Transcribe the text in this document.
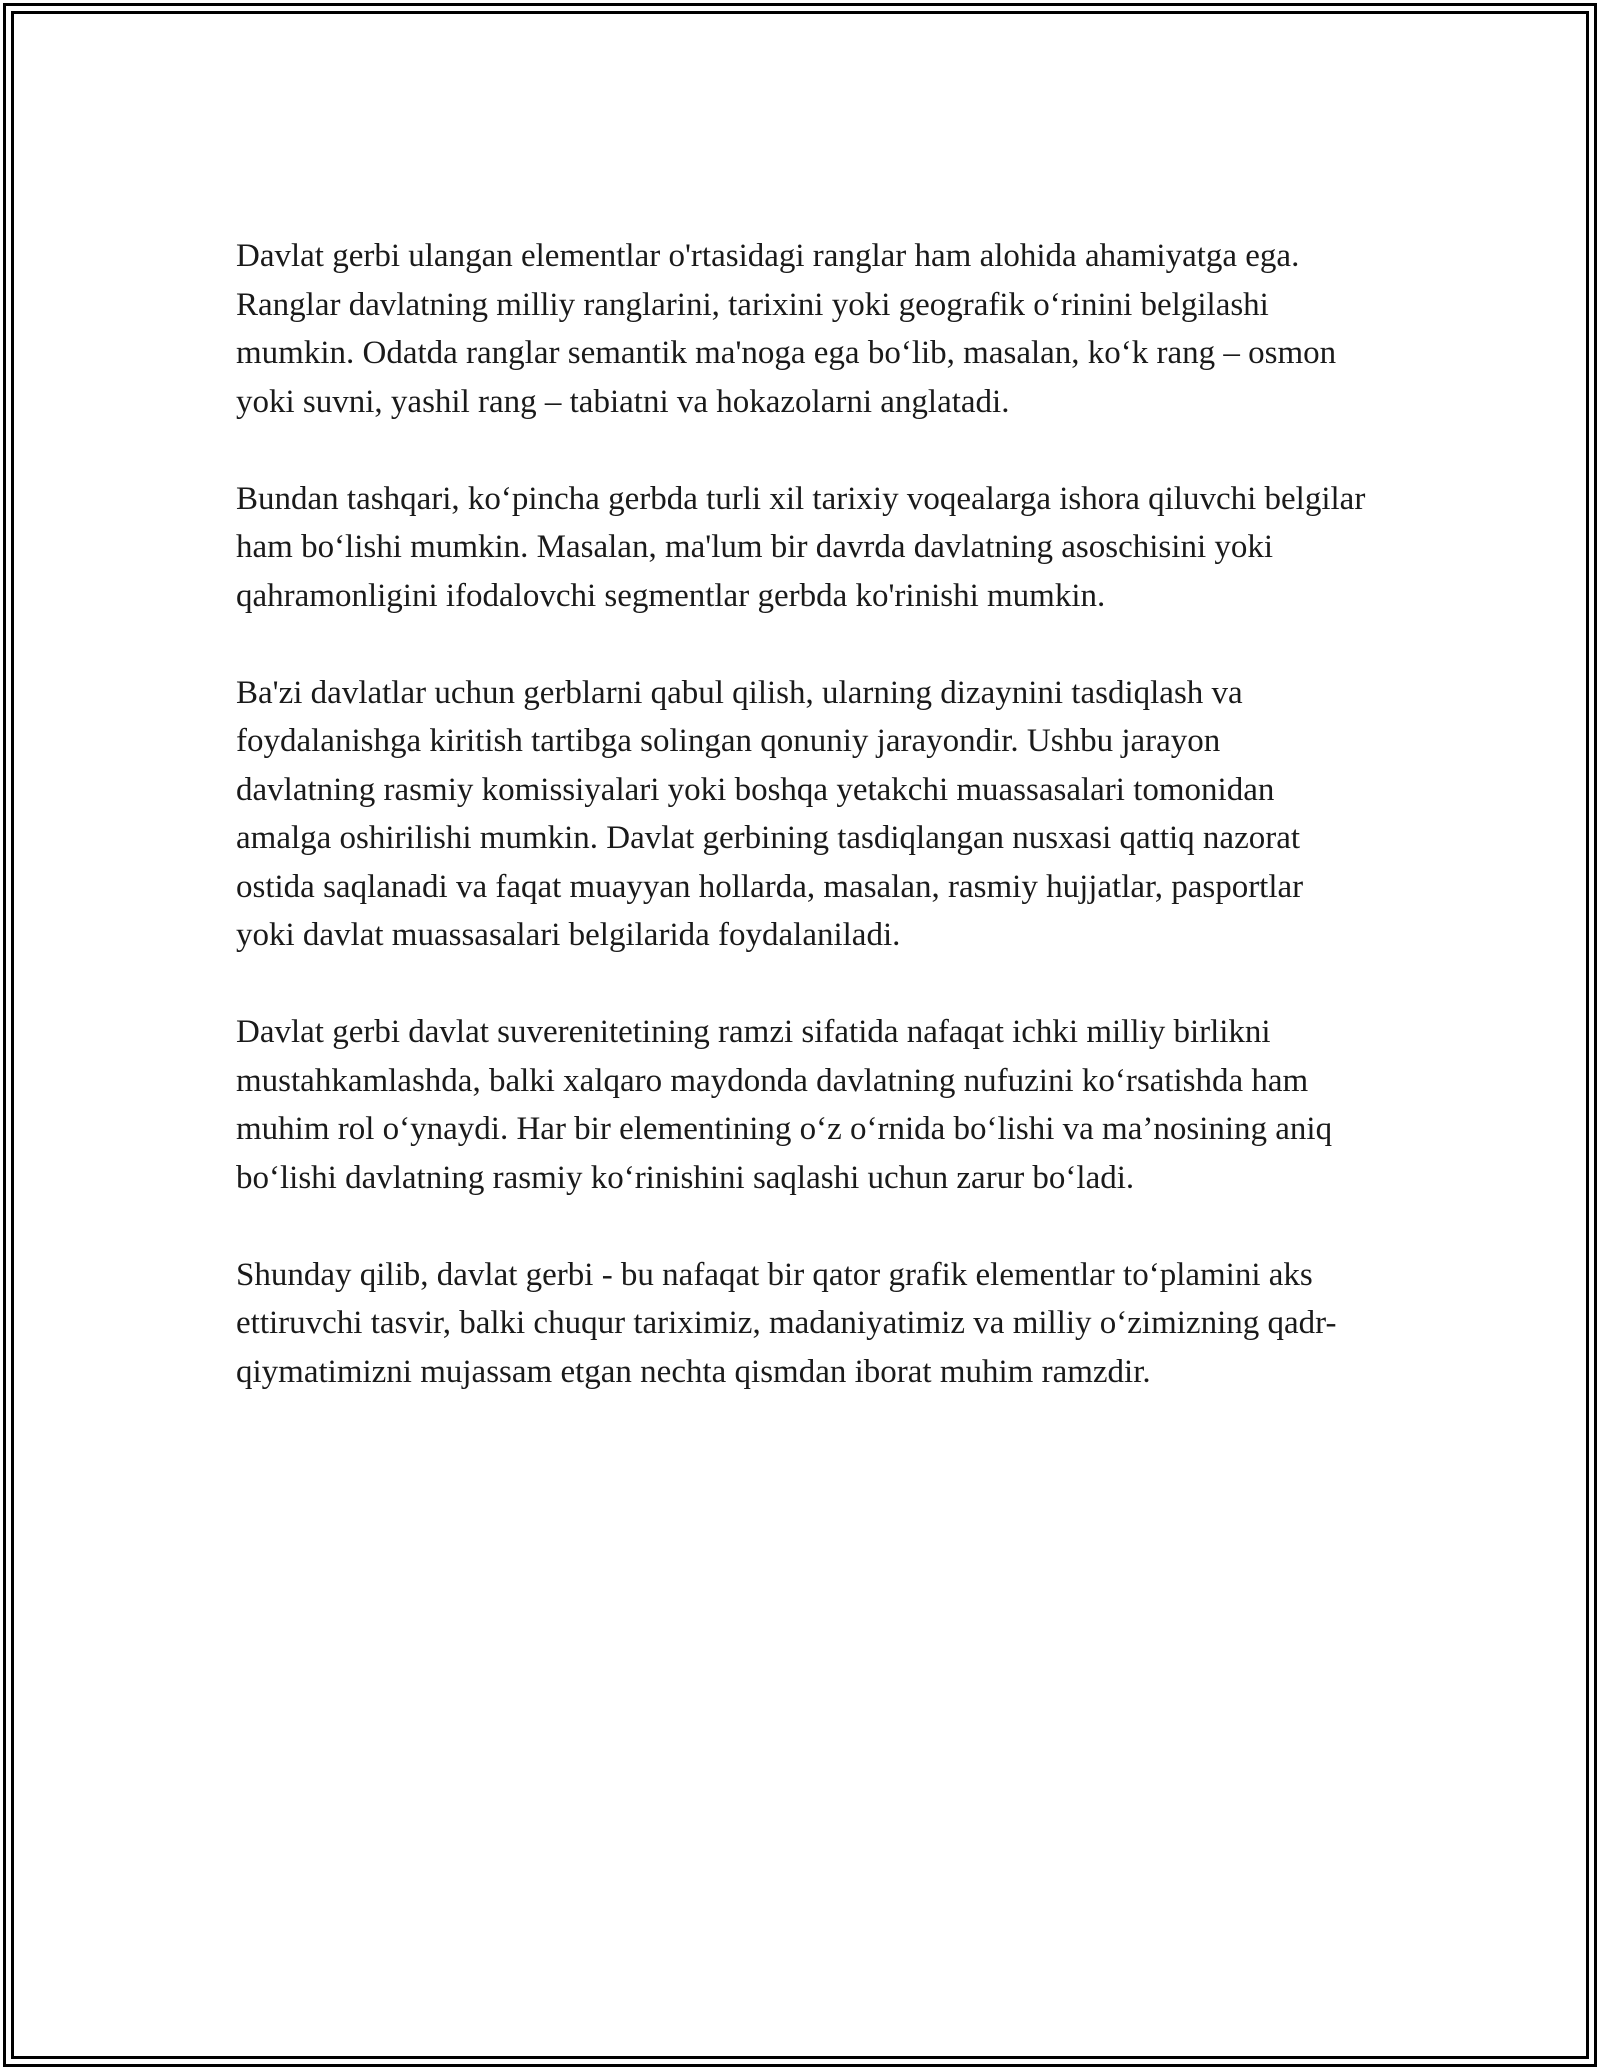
Davlat gerbi ulangan elementlar o'rtasidagi ranglar ham alohida ahamiyatga ega. Ranglar davlatning milliy ranglarini, tarixini yoki geografik o‘rinini belgilashi mumkin. Odatda ranglar semantik ma'noga ega bo‘lib, masalan, ko‘k rang – osmon yoki suvni, yashil rang – tabiatni va hokazolarni anglatadi.

Bundan tashqari, ko‘pincha gerbda turli xil tarixiy voqealarga ishora qiluvchi belgilar ham bo‘lishi mumkin. Masalan, ma'lum bir davrda davlatning asoschisini yoki qahramonligini ifodalovchi segmentlar gerbda ko'rinishi mumkin.

Ba'zi davlatlar uchun gerblarni qabul qilish, ularning dizaynini tasdiqlash va foydalanishga kiritish tartibga solingan qonuniy jarayondir. Ushbu jarayon davlatning rasmiy komissiyalari yoki boshqa yetakchi muassasalari tomonidan amalga oshirilishi mumkin. Davlat gerbining tasdiqlangan nusxasi qattiq nazorat ostida saqlanadi va faqat muayyan hollarda, masalan, rasmiy hujjatlar, pasportlar yoki davlat muassasalari belgilarida foydalaniladi.

Davlat gerbi davlat suverenitetining ramzi sifatida nafaqat ichki milliy birlikni mustahkamlashda, balki xalqaro maydonda davlatning nufuzini ko‘rsatishda ham muhim rol o‘ynaydi. Har bir elementining o‘z o‘rnida bo‘lishi va ma’nosining aniq bo‘lishi davlatning rasmiy ko‘rinishini saqlashi uchun zarur bo‘ladi.

Shunday qilib, davlat gerbi - bu nafaqat bir qator grafik elementlar to‘plamini aks ettiruvchi tasvir, balki chuqur tariximiz, madaniyatimiz va milliy o‘zimizning qadr-qiymatimizni mujassam etgan nechta qismdan iborat muhim ramzdir.
